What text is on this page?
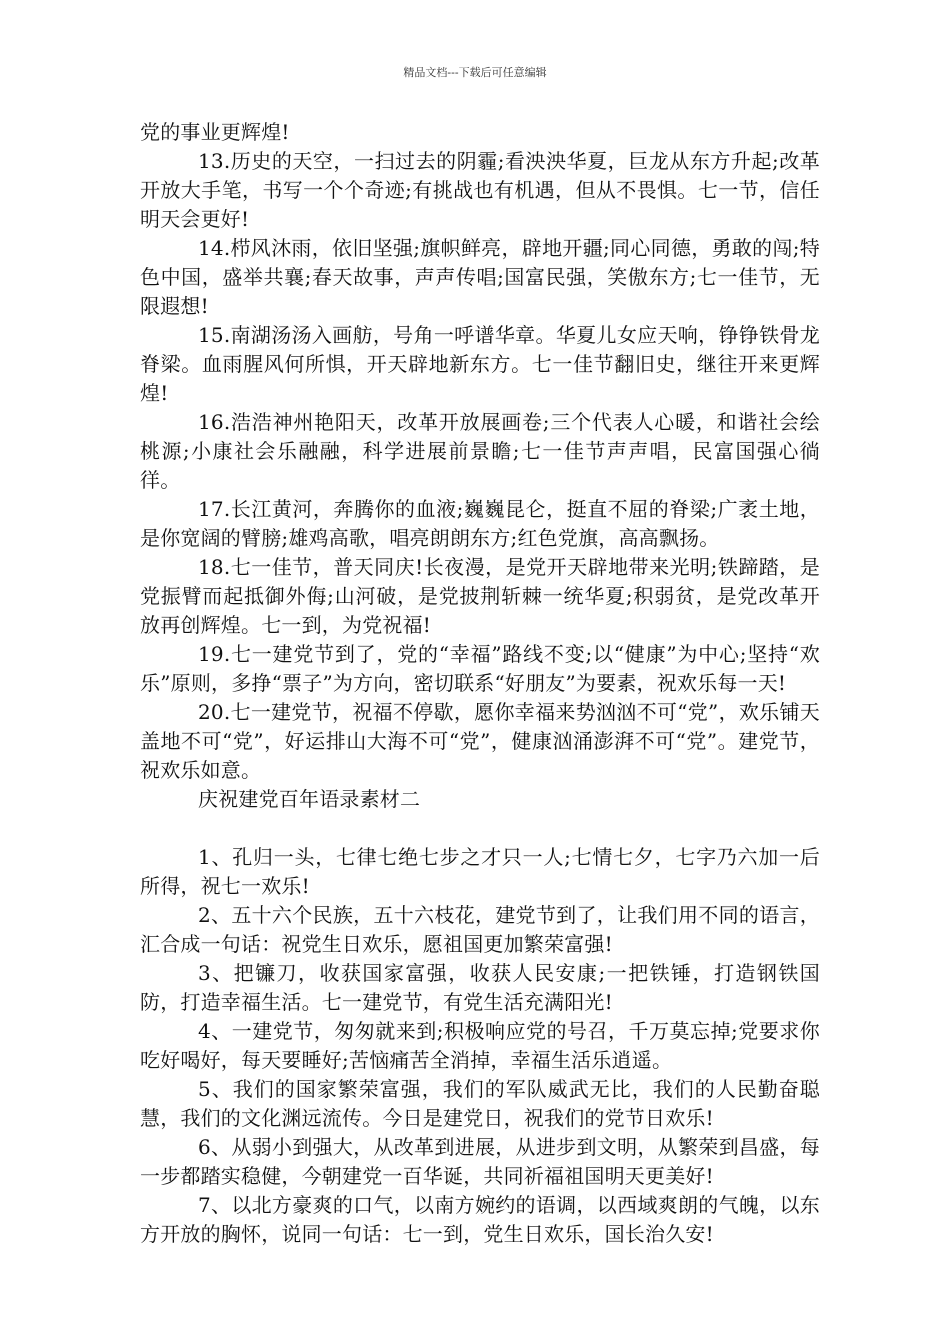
精品文档---下载后可任意编辑

党的事业更辉煌!

13.历史的天空，一扫过去的阴霾;看泱泱华夏，巨龙从东方升起;改革开放大手笔，书写一个个奇迹;有挑战也有机遇，但从不畏惧。七一节，信任明天会更好!

14.栉风沐雨，依旧坚强;旗帜鲜亮，辟地开疆;同心同德，勇敢的闯;特色中国，盛举共襄;春天故事，声声传唱;国富民强，笑傲东方;七一佳节，无限遐想!

15.南湖汤汤入画舫，号角一呼谱华章。华夏儿女应天响，铮铮铁骨龙脊梁。血雨腥风何所惧，开天辟地新东方。七一佳节翻旧史，继往开来更辉煌!

16.浩浩神州艳阳天，改革开放展画卷;三个代表人心暖，和谐社会绘桃源;小康社会乐融融，科学进展前景瞻;七一佳节声声唱，民富国强心徜徉。

17.长江黄河，奔腾你的血液;巍巍昆仑，挺直不屈的脊梁;广袤土地，是你宽阔的臂膀;雄鸡高歌，唱亮朗朗东方;红色党旗，高高飘扬。

18.七一佳节，普天同庆!长夜漫，是党开天辟地带来光明;铁蹄踏，是党振臂而起抵御外侮;山河破，是党披荆斩棘一统华夏;积弱贫，是党改革开放再创辉煌。七一到，为党祝福!

19.七一建党节到了，党的“幸福”路线不变;以“健康”为中心;坚持“欢乐”原则，多挣“票子”为方向，密切联系“好朋友”为要素，祝欢乐每一天!

20.七一建党节，祝福不停歇，愿你幸福来势汹汹不可“党”，欢乐铺天盖地不可“党”，好运排山大海不可“党”，健康汹涌澎湃不可“党”。建党节，祝欢乐如意。

庆祝建党百年语录素材二

1、孔归一头，七律七绝七步之才只一人;七情七夕，七字乃六加一后所得，祝七一欢乐!

2、五十六个民族，五十六枝花，建党节到了，让我们用不同的语言，汇合成一句话：祝党生日欢乐，愿祖国更加繁荣富强!

3、把镰刀，收获国家富强，收获人民安康;一把铁锤，打造钢铁国防，打造幸福生活。七一建党节，有党生活充满阳光!

4、一建党节，匆匆就来到;积极响应党的号召，千万莫忘掉;党要求你吃好喝好，每天要睡好;苦恼痛苦全消掉，幸福生活乐逍遥。

5、我们的国家繁荣富强，我们的军队威武无比，我们的人民勤奋聪慧，我们的文化渊远流传。今日是建党日，祝我们的党节日欢乐!

6、从弱小到强大，从改革到进展，从进步到文明，从繁荣到昌盛，每一步都踏实稳健，今朝建党一百华诞，共同祈福祖国明天更美好!

7、以北方豪爽的口气，以南方婉约的语调，以西域爽朗的气魄，以东方开放的胸怀，说同一句话：七一到，党生日欢乐，国长治久安!
